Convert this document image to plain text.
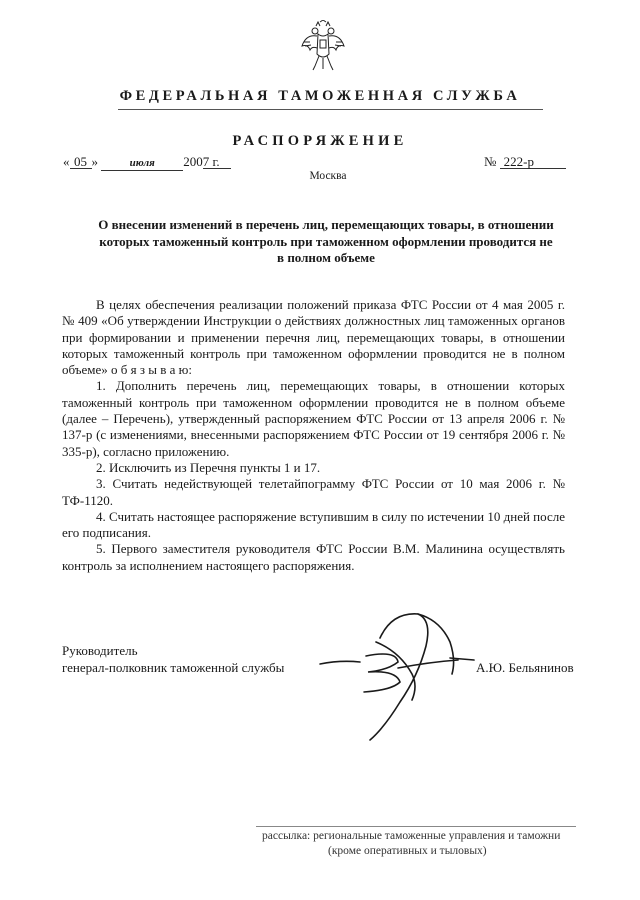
ФЕДЕРАЛЬНАЯ ТАМОЖЕННАЯ СЛУЖБА
РАСПОРЯЖЕНИЕ
« 05 »	июля 2007 г.	№ 222-р
Москва
О внесении изменений в перечень лиц, перемещающих товары, в отношении которых таможенный контроль при таможенном оформлении проводится не в полном объеме

В целях обеспечения реализации положений приказа ФТС России от 4 мая 2005 г. № 409 «Об утверждении Инструкции о действиях должностных лиц таможенных органов при формировании и применении перечня лиц, перемещающих товары, в отношении которых таможенный контроль при таможенном оформлении проводится не в полном объеме» о б я з ы в а ю:

1. Дополнить перечень лиц, перемещающих товары, в отношении которых таможенный контроль при таможенном оформлении проводится не в полном объеме (далее – Перечень), утвержденный распоряжением ФТС России от 13 апреля 2006 г. № 137-р (с изменениями, внесенными распоряжением ФТС России от 19 сентября 2006 г. № 335-р), согласно приложению.

2. Исключить из Перечня пункты 1 и 17.

3. Считать недействующей телетайпограмму ФТС России от 10 мая 2006 г. № ТФ-1120.

4. Считать настоящее распоряжение вступившим в силу по истечении 10 дней после его подписания.

5. Первого заместителя руководителя ФТС России В.М. Малинина осуществлять контроль за исполнением настоящего распоряжения.

Руководитель
генерал-полковник таможенной службы	А.Ю. Бельянинов
рассылка: региональные таможенные управления и таможни
(кроме оперативных и тыловых)
